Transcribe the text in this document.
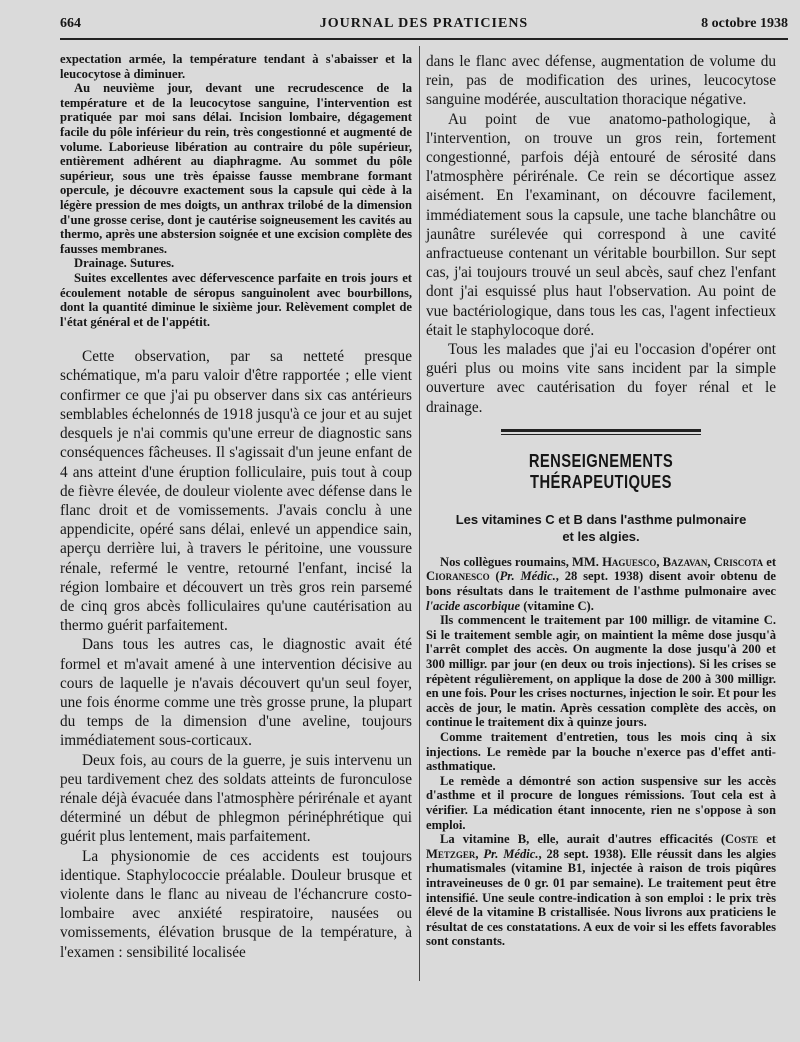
664	JOURNAL DES PRATICIENS	8 octobre 1938

expectation armée, la température tendant à s'abaisser et la leucocytose à diminuer.

Au neuvième jour, devant une recrudescence de la température et de la leucocytose sanguine, l'intervention est pratiquée par moi sans délai. Incision lombaire, dégagement facile du pôle inférieur du rein, très congestionné et augmenté de volume. Laborieuse libération au contraire du pôle supérieur, entièrement adhérent au diaphragme. Au sommet du pôle supérieur, sous une très épaisse fausse membrane formant opercule, je découvre exactement sous la capsule qui cède à la légère pression de mes doigts, un anthrax trilobé de la dimension d'une grosse cerise, dont je cautérise soigneusement les cavités au thermo, après une abstersion soignée et une excision complète des fausses membranes.

Drainage. Sutures.

Suites excellentes avec défervescence parfaite en trois jours et écoulement notable de séropus sanguinolent avec bourbillons, dont la quantité diminue le sixième jour. Relèvement complet de l'état général et de l'appétit.

Cette observation, par sa netteté presque schématique, m'a paru valoir d'être rapportée ; elle vient confirmer ce que j'ai pu observer dans six cas antérieurs semblables échelonnés de 1918 jusqu'à ce jour et au sujet desquels je n'ai commis qu'une erreur de diagnostic sans conséquences fâcheuses. Il s'agissait d'un jeune enfant de 4 ans atteint d'une éruption folliculaire, puis tout à coup de fièvre élevée, de douleur violente avec défense dans le flanc droit et de vomissements. J'avais conclu à une appendicite, opéré sans délai, enlevé un appendice sain, aperçu derrière lui, à travers le péritoine, une voussure rénale, refermé le ventre, retourné l'enfant, incisé la région lombaire et découvert un très gros rein parsemé de cinq gros abcès folliculaires qu'une cautérisation au thermo guérit parfaitement.

Dans tous les autres cas, le diagnostic avait été formel et m'avait amené à une intervention décisive au cours de laquelle je n'avais découvert qu'un seul foyer, une fois énorme comme une très grosse prune, la plupart du temps de la dimension d'une aveline, toujours immédiatement sous-corticaux.

Deux fois, au cours de la guerre, je suis intervenu un peu tardivement chez des soldats atteints de furonculose rénale déjà évacuée dans l'atmosphère périrénale et ayant déterminé un début de phlegmon périnéphrétique qui guérit plus lentement, mais parfaitement.

La physionomie de ces accidents est toujours identique. Staphylococcie préalable. Douleur brusque et violente dans le flanc au niveau de l'échancrure costo-lombaire avec anxiété respiratoire, nausées ou vomissements, élévation brusque de la température, à l'examen : sensibilité localisée

dans le flanc avec défense, augmentation de volume du rein, pas de modification des urines, leucocytose sanguine modérée, auscultation thoracique négative.

Au point de vue anatomo-pathologique, à l'intervention, on trouve un gros rein, fortement congestionné, parfois déjà entouré de sérosité dans l'atmosphère périrénale. Ce rein se décortique assez aisément. En l'examinant, on découvre facilement, immédiatement sous la capsule, une tache blanchâtre ou jaunâtre surélevée qui correspond à une cavité anfractueuse contenant un véritable bourbillon. Sur sept cas, j'ai toujours trouvé un seul abcès, sauf chez l'enfant dont j'ai esquissé plus haut l'observation. Au point de vue bactériologique, dans tous les cas, l'agent infectieux était le staphylocoque doré.

Tous les malades que j'ai eu l'occasion d'opérer ont guéri plus ou moins vite sans incident par la simple ouverture avec cautérisation du foyer rénal et le drainage.

RENSEIGNEMENTS THÉRAPEUTIQUES
Les vitamines C et B dans l'asthme pulmonaire
et les algies.

Nos collègues roumains, MM. Haguesco, Bazavan, Criscota et Cioranesco (Pr. Médic., 28 sept. 1938) disent avoir obtenu de bons résultats dans le traitement de l'asthme pulmonaire avec l'acide ascorbique (vitamine C).

Ils commencent le traitement par 100 milligr. de vitamine C. Si le traitement semble agir, on maintient la même dose jusqu'à l'arrêt complet des accès. On augmente la dose jusqu'à 200 et 300 milligr. par jour (en deux ou trois injections). Si les crises se répètent régulièrement, on applique la dose de 200 à 300 milligr. en une fois. Pour les crises nocturnes, injection le soir. Et pour les accès de jour, le matin. Après cessation complète des accès, on continue le traitement dix à quinze jours.

Comme traitement d'entretien, tous les mois cinq à six injections. Le remède par la bouche n'exerce pas d'effet anti-asthmatique.

Le remède a démontré son action suspensive sur les accès d'asthme et il procure de longues rémissions. Tout cela est à vérifier. La médication étant innocente, rien ne s'oppose à son emploi.

La vitamine B, elle, aurait d'autres efficacités (Coste et Metzger, Pr. Médic., 28 sept. 1938). Elle réussit dans les algies rhumatismales (vitamine B1, injectée à raison de trois piqûres intraveineuses de 0 gr. 01 par semaine). Le traitement peut être intensifié. Une seule contre-indication à son emploi : le prix très élevé de la vitamine B cristallisée. Nous livrons aux praticiens le résultat de ces constatations. A eux de voir si les effets favorables sont constants.
